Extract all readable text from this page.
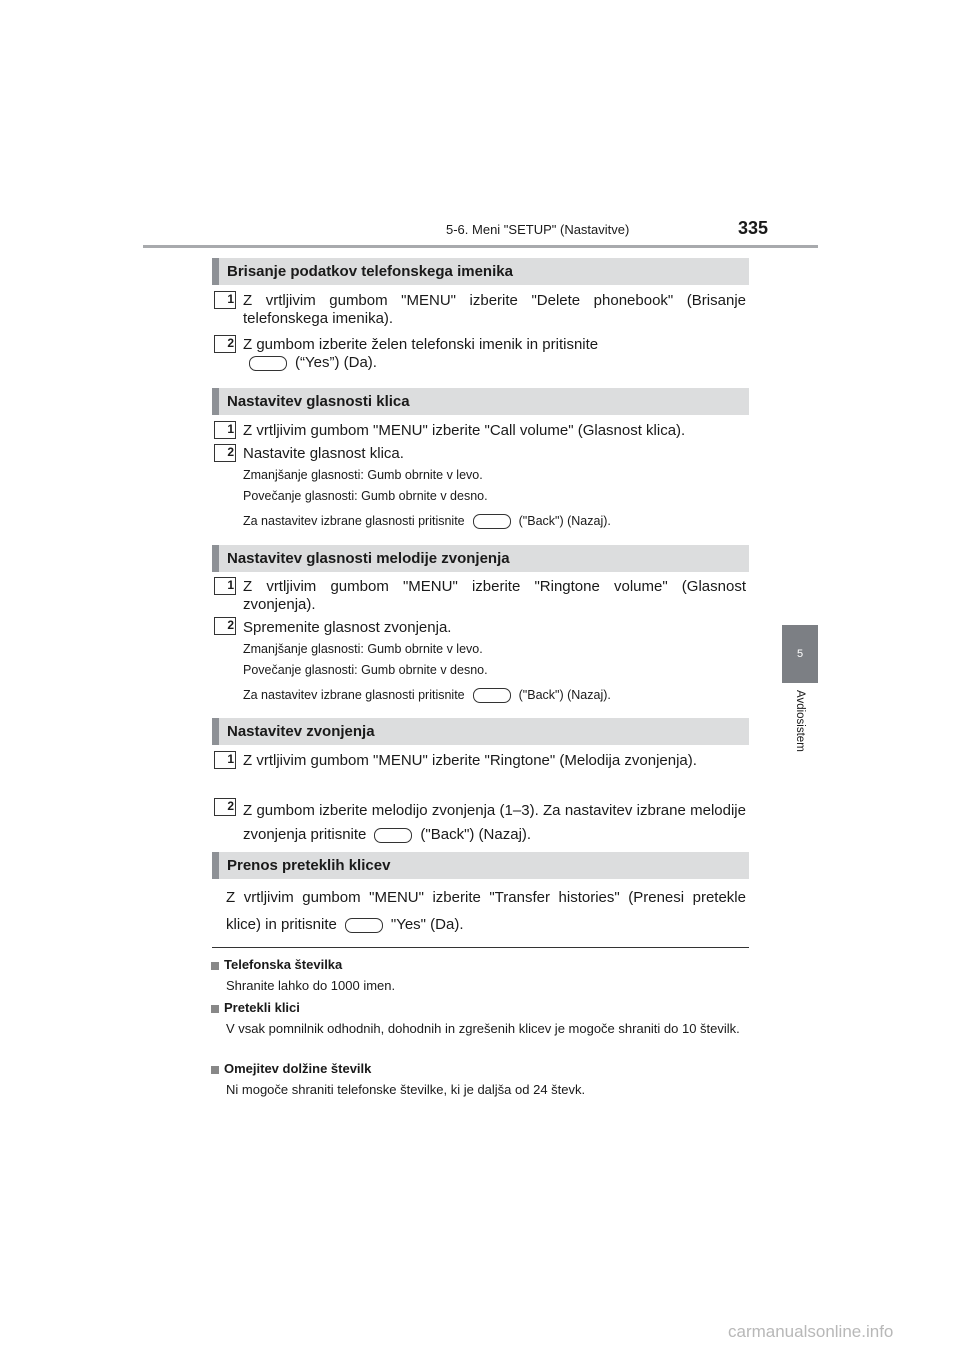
5-6. Meni "SETUP" (Nastavitve)	335
5
Avdiosistem
Brisanje podatkov telefonskega imenika
1 Z vrtljivim gumbom "MENU" izberite "Delete phonebook" (Brisanje telefonskega imenika).
2 Z gumbom izberite želen telefonski imenik in pritisnite
(“Yes”) (Da).
Nastavitev glasnosti klica
1 Z vrtljivim gumbom "MENU" izberite "Call volume" (Glasnost klica).
2 Nastavite glasnost klica.
Zmanjšanje glasnosti: Gumb obrnite v levo.
Povečanje glasnosti: Gumb obrnite v desno.
Za nastavitev izbrane glasnosti pritisnite	("Back") (Nazaj).
Nastavitev glasnosti melodije zvonjenja
1 Z vrtljivim gumbom "MENU" izberite "Ringtone volume" (Glasnost zvonjenja).
2 Spremenite glasnost zvonjenja.
Zmanjšanje glasnosti: Gumb obrnite v levo.
Povečanje glasnosti: Gumb obrnite v desno.
Za nastavitev izbrane glasnosti pritisnite	("Back") (Nazaj).
Nastavitev zvonjenja
1 Z vrtljivim gumbom "MENU" izberite "Ringtone" (Melodija zvonjenja).
2 Z gumbom izberite melodijo zvonjenja (1–3). Za nastavitev izbrane melodije zvonjenja pritisnite	("Back") (Nazaj).
Prenos preteklih klicev
Z vrtljivim gumbom "MENU" izberite "Transfer histories" (Prenesi pretekle klice) in pritisnite	"Yes" (Da).
Telefonska številka
Shranite lahko do 1000 imen.
Pretekli klici
V vsak pomnilnik odhodnih, dohodnih in zgrešenih klicev je mogoče shraniti do 10 številk.
Omejitev dolžine številk
Ni mogoče shraniti telefonske številke, ki je daljša od 24 števk.
carmanualsonline.info
